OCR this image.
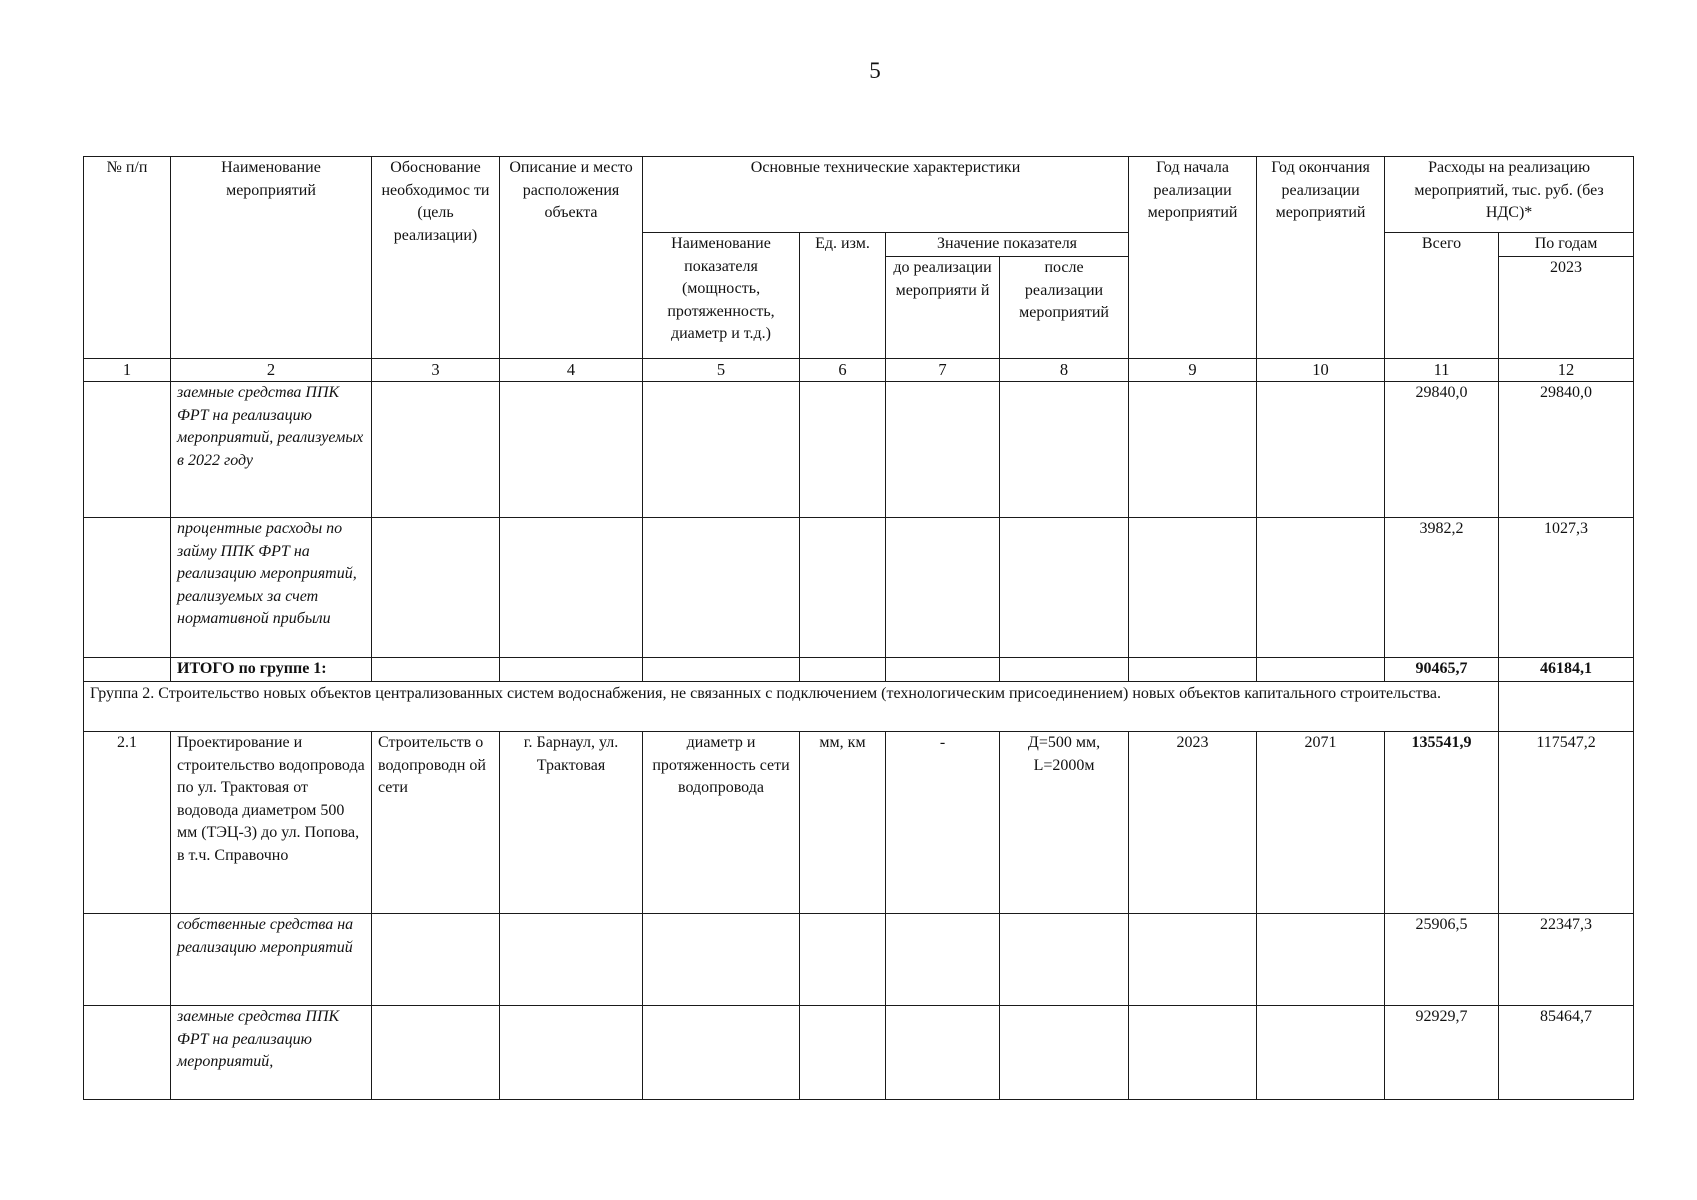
5
№ п/п	Наименование мероприятий	Обоснование необходимос ти (цель реализации)	Описание и место расположения объекта	Основные технические характеристики				Год начала реализации мероприятий	Год окончания реализации мероприятий	Расходы на реализацию мероприятий, тыс. руб. (без НДС)*	
				Наименование показателя (мощность, протяженность, диаметр и т.д.)	Ед. изм.	Значение показателя				Всего	По годам
						до реализации мероприяти й	после реализации мероприятий				2023
1	2	3	4	5	6	7	8	9	10	11	12
	заемные средства ППК ФРТ на реализацию мероприятий, реализуемых в 2022 году									29840,0	29840,0
	процентные расходы по займу ППК ФРТ на реализацию мероприятий, реализуемых за счет нормативной прибыли									3982,2	1027,3
	ИТОГО по группе 1:									90465,7	46184,1
Группа 2. Строительство новых объектов централизованных систем водоснабжения, не связанных с подключением (технологическим присоединением) новых объектов капитального строительства.											
2.1	Проектирование и строительство водопровода по ул. Трактовая от водовода диаметром 500 мм (ТЭЦ-3) до ул. Попова, в т.ч. Справочно	Строительств о водопроводн ой сети	г. Барнаул, ул. Трактовая	диаметр и протяженность сети водопровода	мм, км	-	Д=500 мм, L=2000м	2023	2071	135541,9	117547,2
	собственные средства на реализацию мероприятий									25906,5	22347,3
	заемные средства ППК ФРТ на реализацию мероприятий,									92929,7	85464,7
